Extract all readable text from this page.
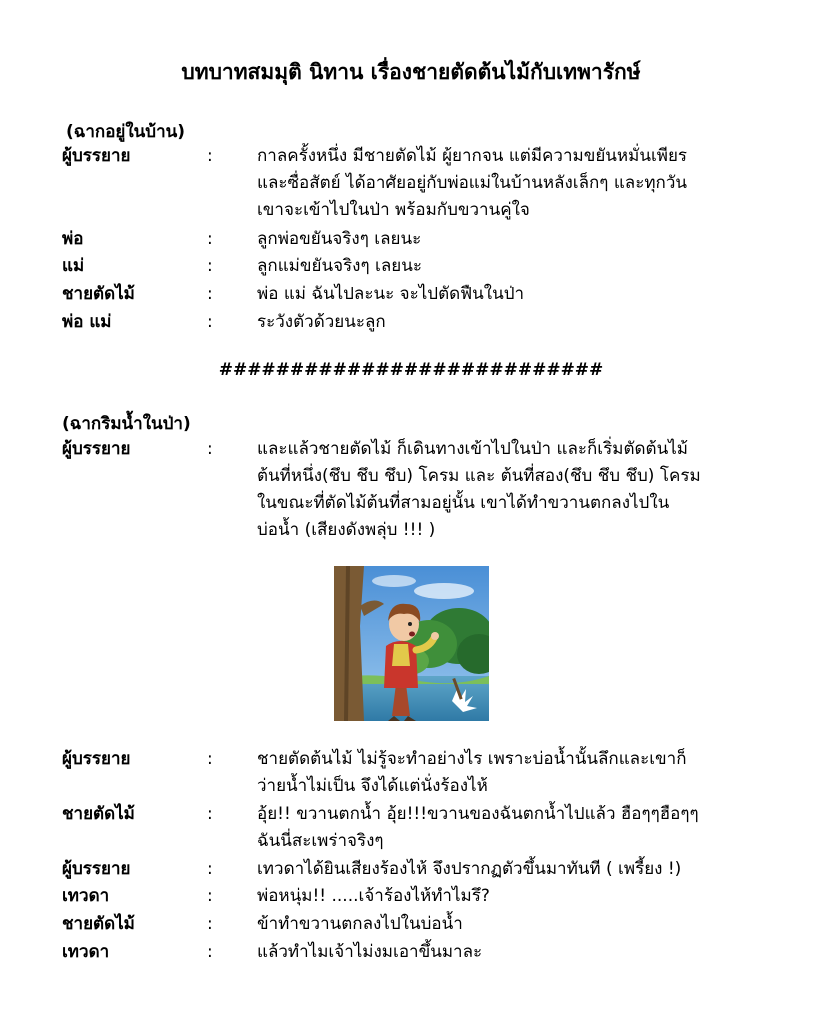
บทบาทสมมุติ นิทาน เรื่องชายตัดต้นไม้กับเทพารักษ์
(ฉากอยู่ในบ้าน)
ผู้บรรยาย	:	กาลครั้งหนึ่ง มีชายตัดไม้ ผู้ยากจน แต่มีความขยันหมั่นเพียร
และซื่อสัตย์ ได้อาศัยอยู่กับพ่อแม่ในบ้านหลังเล็กๆ และทุกวัน
เขาจะเข้าไปในป่า พร้อมกับขวานคู่ใจ
พ่อ	:	ลูกพ่อขยันจริงๆ เลยนะ
แม่	:	ลูกแม่ขยันจริงๆ เลยนะ
ชายตัดไม้	:	พ่อ แม่ ฉันไปละนะ จะไปตัดฟืนในป่า
พ่อ แม่	:	ระวังตัวด้วยนะลูก
###########################
(ฉากริมน้ำในป่า)
ผู้บรรยาย	:	และแล้วชายตัดไม้ ก็เดินทางเข้าไปในป่า และก็เริ่มตัดต้นไม้
ต้นที่หนึ่ง(ชึบ ชึบ ชึบ) โครม และ ต้นที่สอง(ชึบ ชึบ ชึบ) โครม
ในขณะที่ตัดไม้ต้นที่สามอยู่นั้น เขาได้ทำขวานตกลงไปใน
บ่อน้ำ (เสียงดังพลุ่บ !!! )
ผู้บรรยาย	:	ชายตัดต้นไม้ ไม่รู้จะทำอย่างไร เพราะบ่อน้ำนั้นลึกและเขาก็
ว่ายน้ำไม่เป็น จึงได้แต่นั่งร้องไห้
ชายตัดไม้	:	อุ้ย!! ขวานตกน้ำ อุ้ย!!!ขวานของฉันตกน้ำไปแล้ว ฮือๆๆฮือๆๆ
ฉันนี่สะเพร่าจริงๆ
ผู้บรรยาย	:	เทวดาได้ยินเสียงร้องไห้ จึงปรากฏตัวขึ้นมาทันที ( เพรี้ยง !)
เทวดา	:	พ่อหนุ่ม!! .....เจ้าร้องไห้ทำไมรึ?
ชายตัดไม้	:	ข้าทำขวานตกลงไปในบ่อน้ำ
เทวดา	:	แล้วทำไมเจ้าไม่งมเอาขึ้นมาละ
